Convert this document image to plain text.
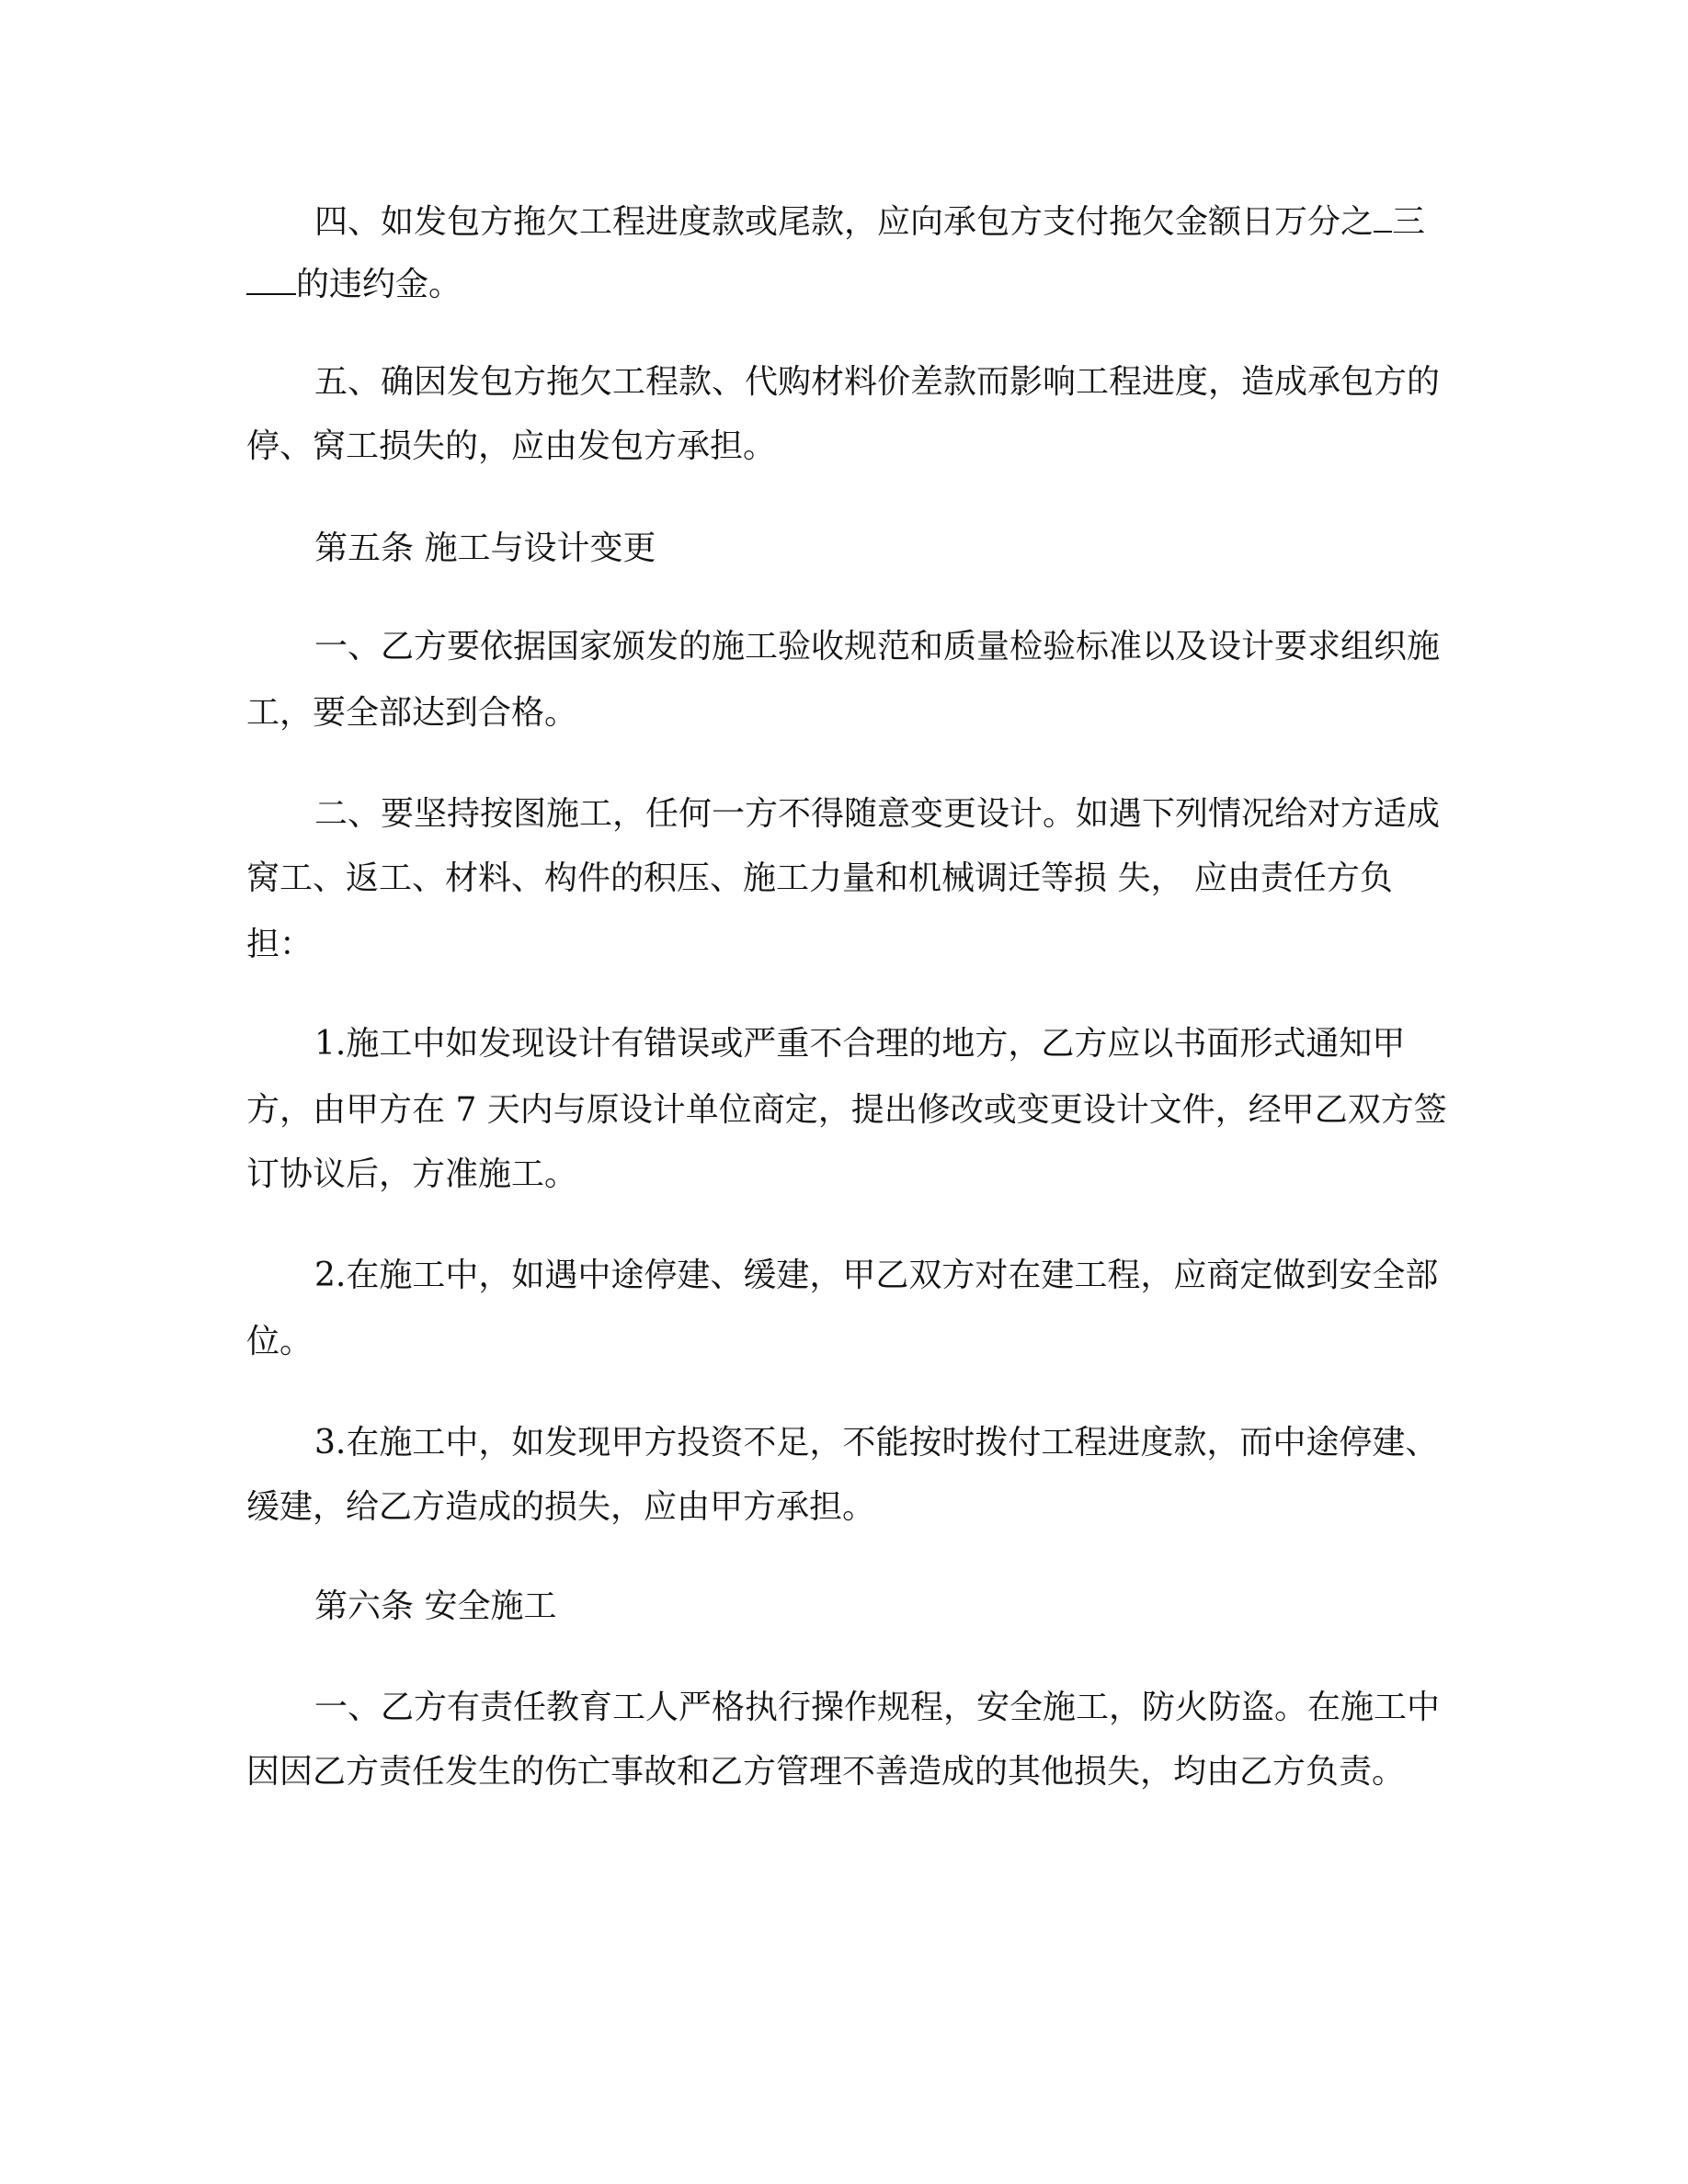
四、如发包方拖欠工程进度款或尾款，应向承包方支付拖欠金额日万分之 三

的违约金。

五、确因发包方拖欠工程款、代购材料价差款而影响工程进度，造成承包方的

停、窝工损失的，应由发包方承担。

第五条 施工与设计变更

一、乙方要依据国家颁发的施工验收规范和质量检验标准以及设计要求组织施

工，要全部达到合格。

二、要坚持按图施工，任何一方不得随意变更设计。如遇下列情况给对方适成

窝工、返工、材料、构件的积压、施工力量和机械调迁等损 失， 应由责任方负

担：

1.施工中如发现设计有错误或严重不合理的地方，乙方应以书面形式通知甲

方，由甲方在 7 天内与原设计单位商定，提出修改或变更设计文件，经甲乙双方签

订协议后，方准施工。

2.在施工中，如遇中途停建、缓建，甲乙双方对在建工程，应商定做到安全部

位。

3.在施工中，如发现甲方投资不足，不能按时拨付工程进度款，而中途停建、

缓建，给乙方造成的损失，应由甲方承担。

第六条 安全施工

一、乙方有责任教育工人严格执行操作规程，安全施工，防火防盗。在施工中

因因乙方责任发生的伤亡事故和乙方管理不善造成的其他损失，均由乙方负责。
